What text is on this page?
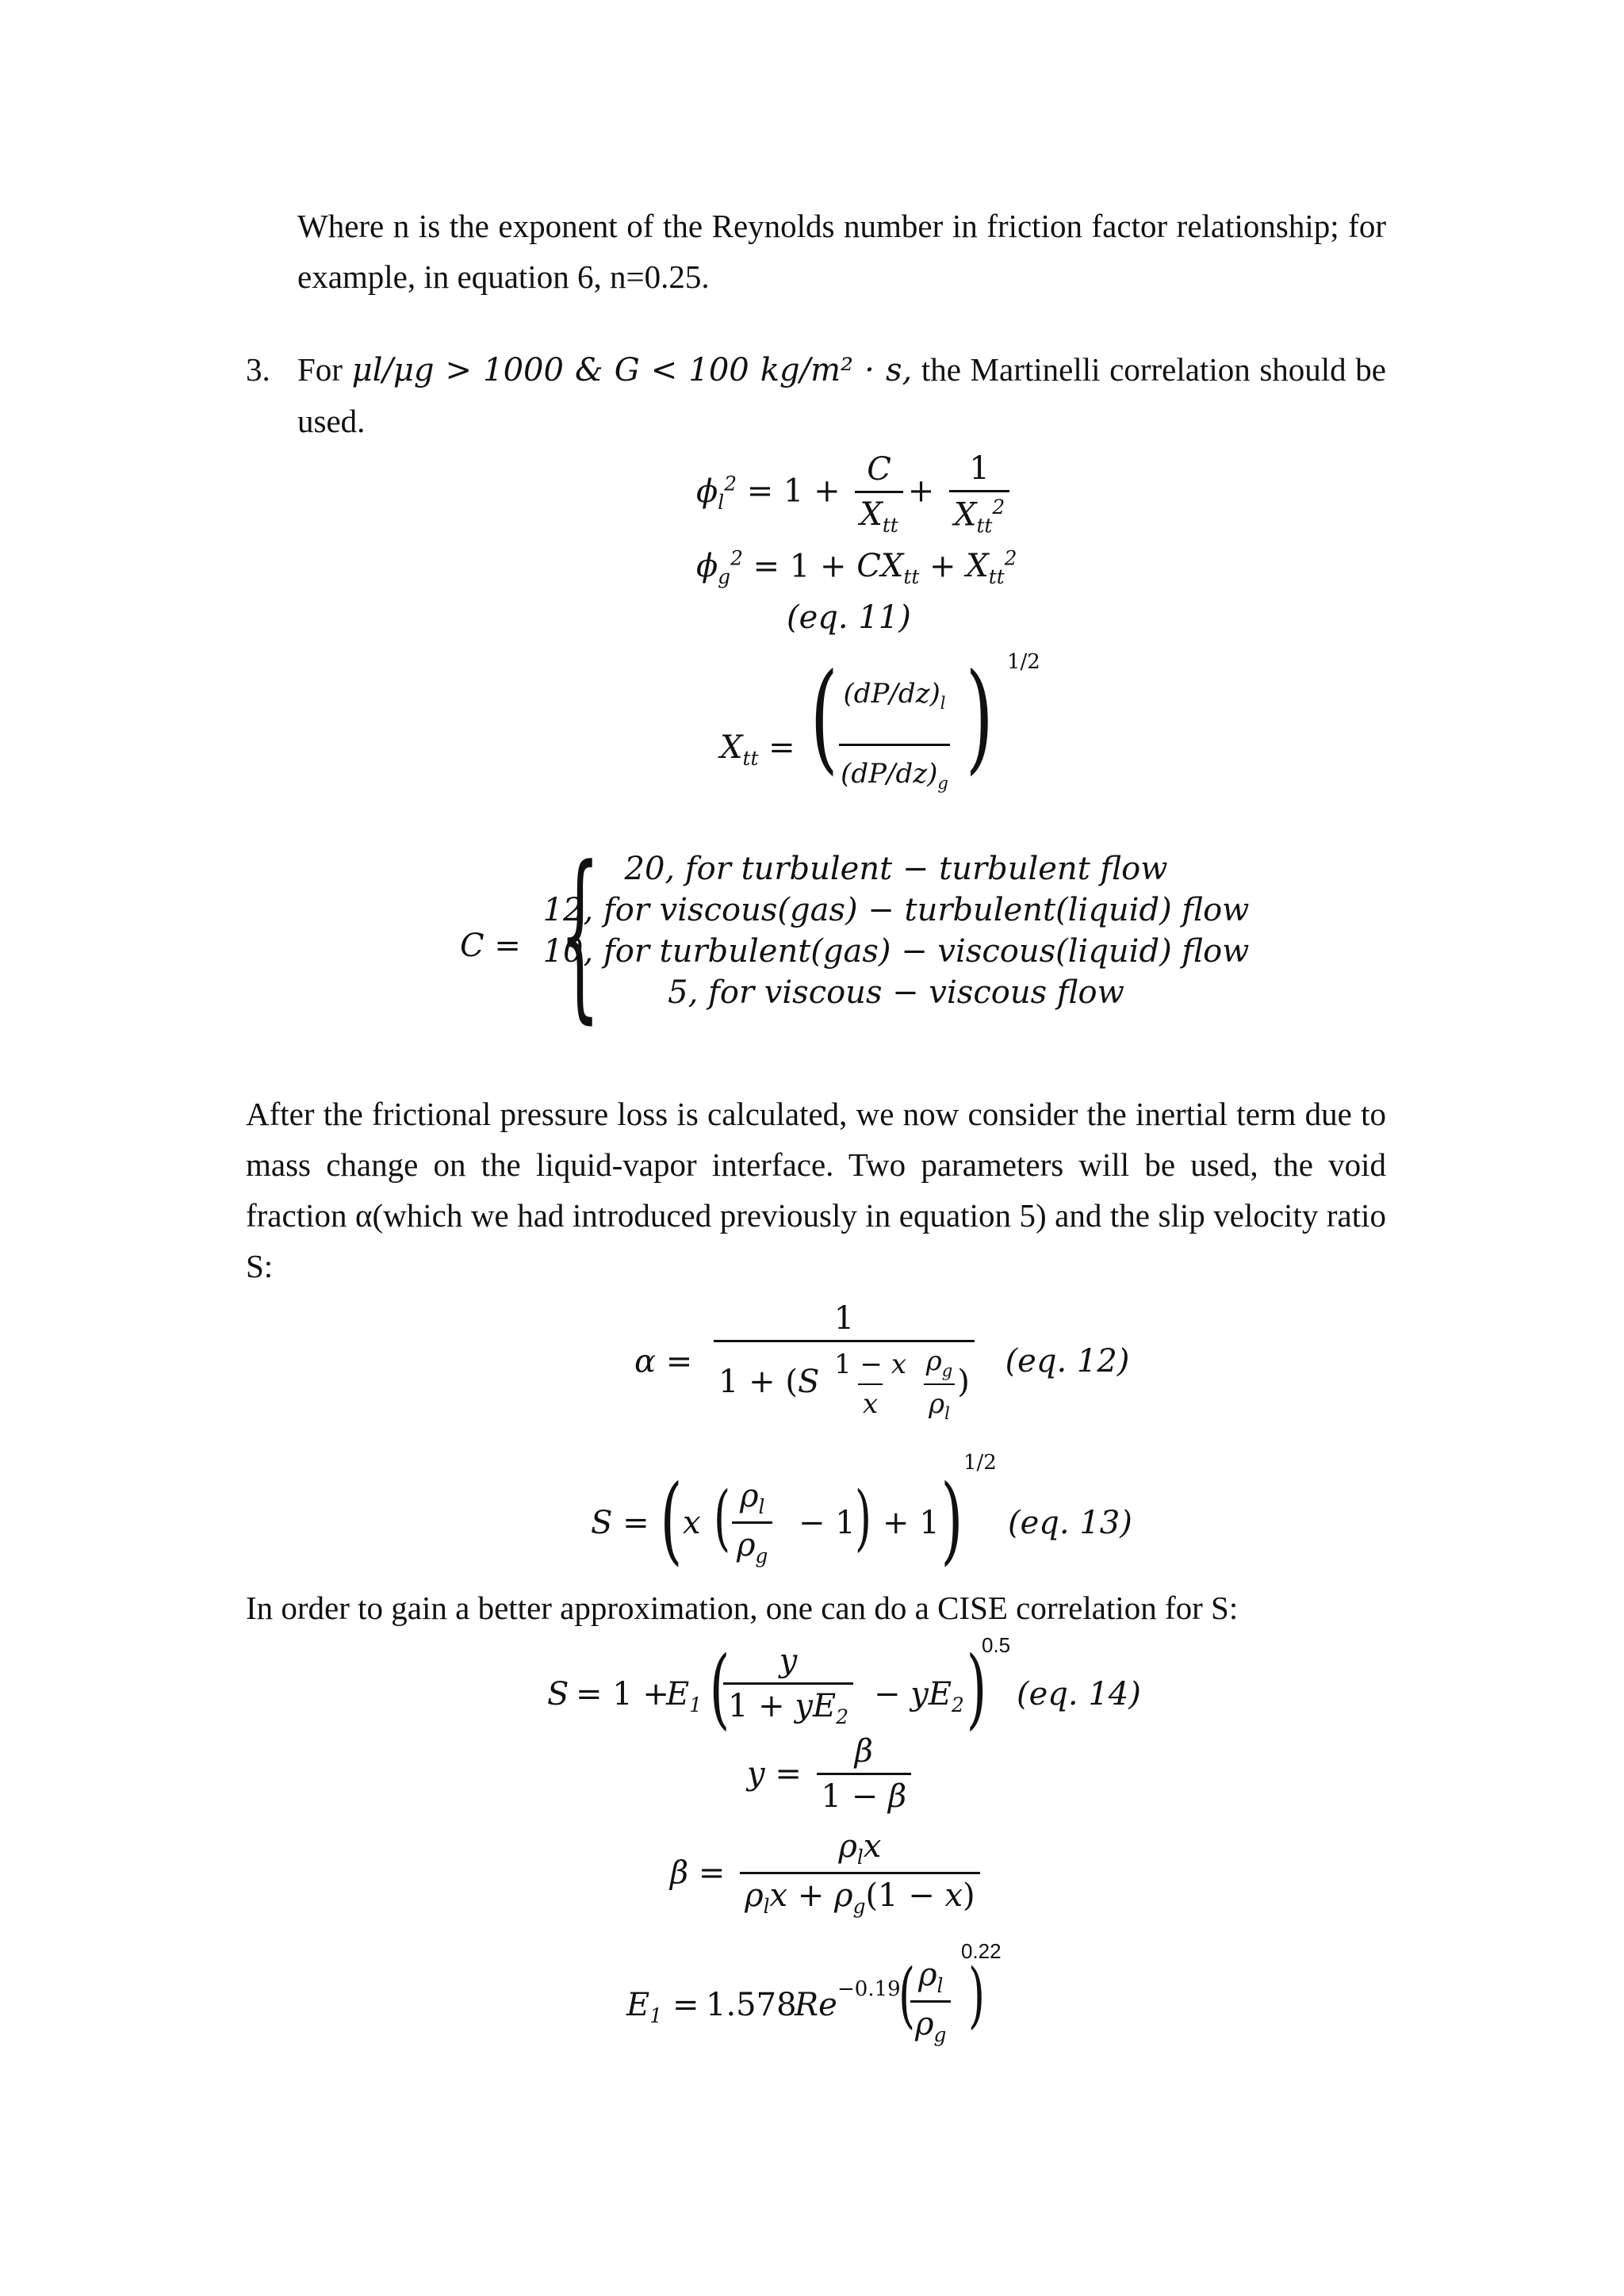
Where n is the exponent of the Reynolds number in friction factor relationship; for example, in equation 6, n=0.25.
3. For μl/μg > 1000 & G < 100 kg/m² · s, the Martinelli correlation should be used.
$\phi_l^2 = 1 + \frac{C}{X_{tt}} + \frac{1}{X_{tt}^2}$
$\phi_g^2 = 1 + CX_{tt} + X_{tt}^2$
(eq. 11)
$X_{tt}$ = ( $(dP/dz)_l$
$(dP/dz)_g$ ) 1/2
C = { 20, for turbulent − turbulent flow
12, for viscous(gas) − turbulent(liquid) flow
10, for turbulent(gas) − viscous(liquid) flow
5, for viscous − viscous flow
After the frictional pressure loss is calculated, we now consider the inertial term due to mass change on the liquid-vapor interface. Two parameters will be used, the void fraction α(which we had introduced previously in equation 5) and the slip velocity ratio S:
α = 1
$1 + (S \frac{1 - x}{x}$
$\frac{\rho_g}{\rho_l}$ ) (eq. 12)
S = ( x ( $\frac{\rho_l}{\rho_g} - 1$ ) + 1 )
1/2
(eq. 13)
In order to gain a better approximation, one can do a CISE correlation for S:
S = 1 +
$E_1$ (
$\frac{y}{1 + yE_2} - yE_2$ )
0.5
(eq. 14)
$y = \frac{\beta}{1 - \beta}$
$\beta = \frac{\rho_lx}{\rho_lx + \rho_g(1 - x)}$
$E_1 = 1.578$
Re −0.19
(
$\frac{\rho_l}{\rho_g}$ )
0.22
